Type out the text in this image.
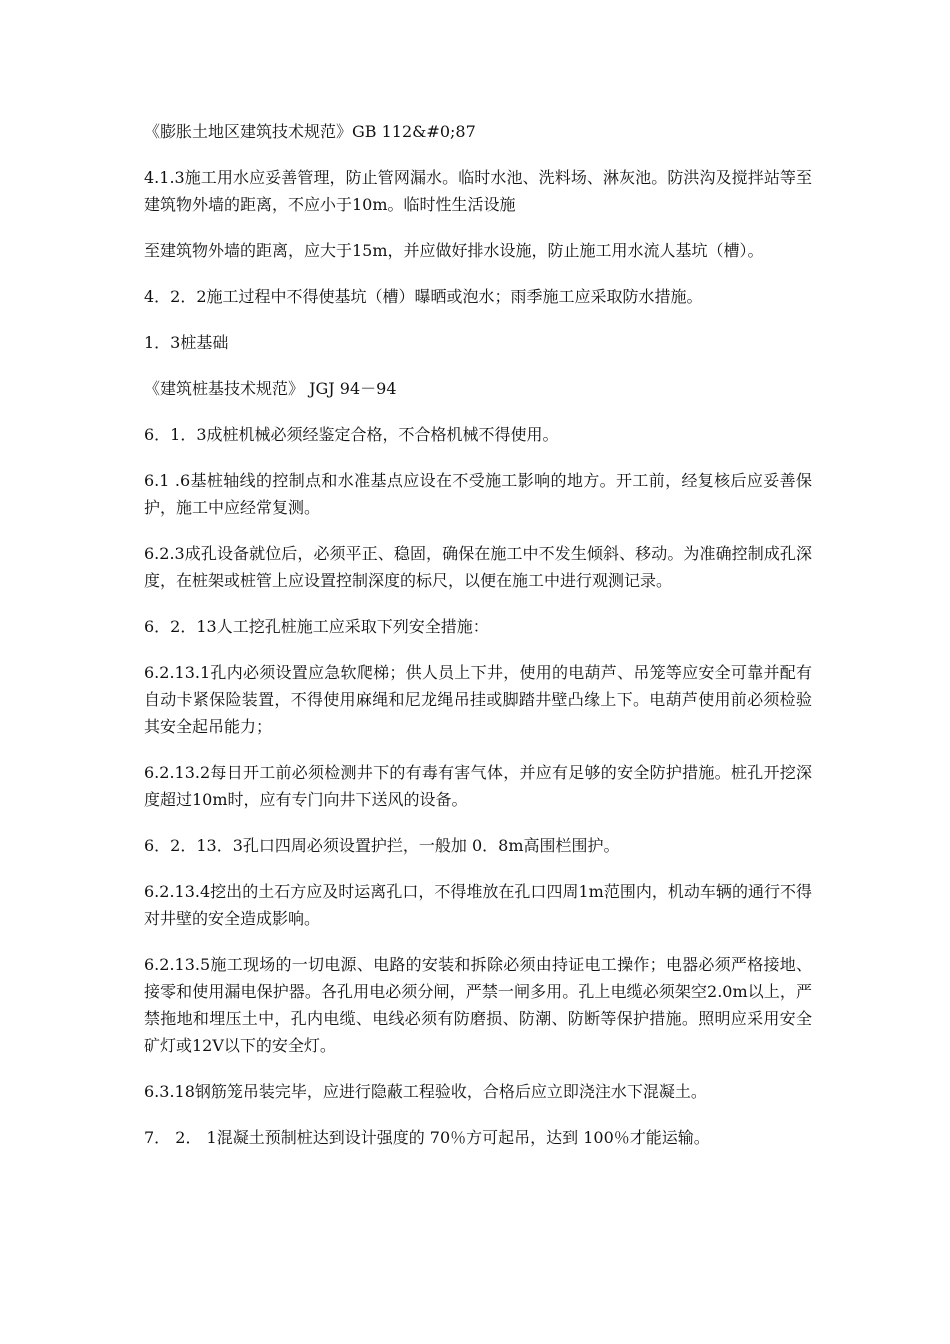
《膨胀土地区建筑技术规范》GB 112&#0;87

4.1.3施工用水应妥善管理，防止管网漏水。临时水池、洗料场、淋灰池。防洪沟及搅拌站等至建筑物外墙的距离，不应小于10m。临时性生活设施

至建筑物外墙的距离，应大于15m，并应做好排水设施，防止施工用水流人基坑（槽）。

4．2．2施工过程中不得使基坑（槽）曝晒或泡水；雨季施工应采取防水措施。

1．3桩基础

《建筑桩基技术规范》 JGJ 94－94

6．1．3成桩机械必须经鉴定合格，不合格机械不得使用。

6.1 .6基桩轴线的控制点和水准基点应设在不受施工影响的地方。开工前，经复核后应妥善保护，施工中应经常复测。

6.2.3成孔设备就位后，必须平正、稳固，确保在施工中不发生倾斜、移动。为准确控制成孔深度，在桩架或桩管上应设置控制深度的标尺，以便在施工中进行观测记录。

6．2．13人工挖孔桩施工应采取下列安全措施：

6.2.13.1孔内必须设置应急软爬梯；供人员上下井，使用的电葫芦、吊笼等应安全可靠并配有自动卡紧保险装置，不得使用麻绳和尼龙绳吊挂或脚踏井壁凸缘上下。电葫芦使用前必须检验其安全起吊能力；

6.2.13.2每日开工前必须检测井下的有毒有害气体，并应有足够的安全防护措施。桩孔开挖深度超过10m时，应有专门向井下送风的设备。

6．2．13．3孔口四周必须设置护拦，一般加 0．8m高围栏围护。

6.2.13.4挖出的土石方应及时运离孔口，不得堆放在孔口四周1m范围内，机动车辆的通行不得对井壁的安全造成影响。

6.2.13.5施工现场的一切电源、电路的安装和拆除必须由持证电工操作；电器必须严格接地、接零和使用漏电保护器。各孔用电必须分闸，严禁一闸多用。孔上电缆必须架空2.0m以上，严禁拖地和埋压土中，孔内电缆、电线必须有防磨损、防潮、防断等保护措施。照明应采用安全矿灯或12V以下的安全灯。

6.3.18钢筋笼吊装完毕，应进行隐蔽工程验收，合格后应立即浇注水下混凝土。

7． 2． 1混凝土预制桩达到设计强度的 70％方可起吊，达到 100％才能运输。
